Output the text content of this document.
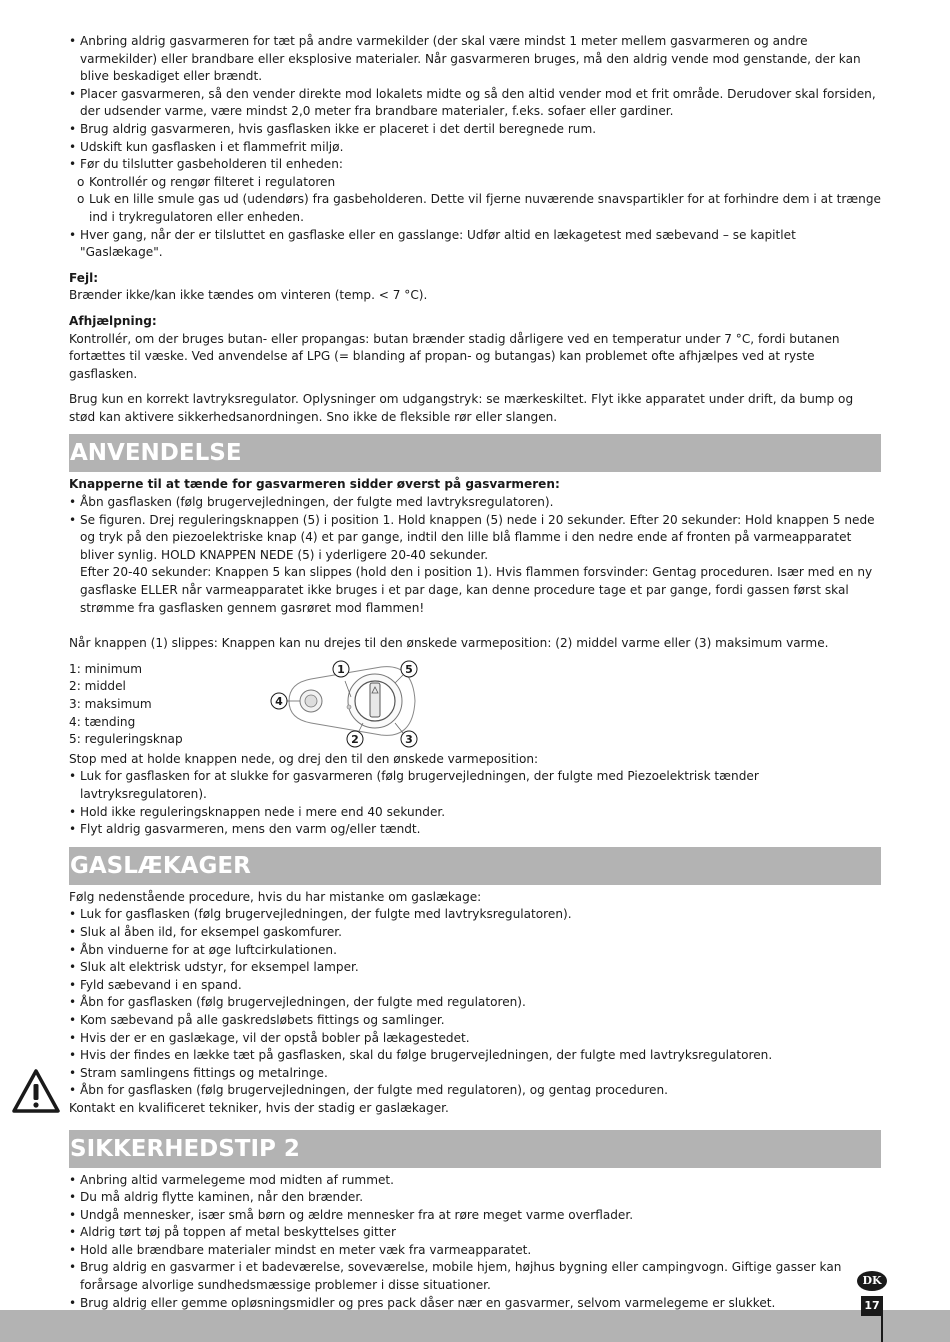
• Anbring aldrig gasvarmeren for tæt på andre varmekilder (der skal være mindst 1 meter mellem gasvarmeren og andre varmekilder) eller brandbare eller eksplosive materialer. Når gasvarmeren bruges, må den aldrig vende mod genstande, der kan blive beskadiget eller brændt.
• Placer gasvarmeren, så den vender direkte mod lokalets midte og så den altid vender mod et frit område. Derudover skal forsiden, der udsender varme, være mindst 2,0 meter fra brandbare materialer, f.eks. sofaer eller gardiner.
• Brug aldrig gasvarmeren, hvis gasflasken ikke er placeret i det dertil beregnede rum.
• Udskift kun gasflasken i et flammefrit miljø.
• Før du tilslutter gasbeholderen til enheden:
o Kontrollér og rengør filteret i regulatoren
o Luk en lille smule gas ud (udendørs) fra gasbeholderen. Dette vil fjerne nuværende snavspartikler for at forhindre dem i at trænge ind i trykregulatoren eller enheden.
• Hver gang, når der er tilsluttet en gasflaske eller en gasslange: Udfør altid en lækagetest med sæbevand – se kapitlet "Gaslækage".

Fejl:

Brænder ikke/kan ikke tændes om vinteren (temp. < 7 °C).

Afhjælpning:

Kontrollér, om der bruges butan- eller propangas: butan brænder stadig dårligere ved en temperatur under 7 °C, fordi butanen fortættes til væske. Ved anvendelse af LPG (= blanding af propan- og butangas) kan problemet ofte afhjælpes ved at ryste gasflasken.

Brug kun en korrekt lavtryksregulator. Oplysninger om udgangstryk: se mærkeskiltet. Flyt ikke apparatet under drift, da bump og stød kan aktivere sikkerhedsanordningen. Sno ikke de fleksible rør eller slangen.

ANVENDELSE

Knapperne til at tænde for gasvarmeren sidder øverst på gasvarmeren:

• Åbn gasflasken (følg brugervejledningen, der fulgte med lavtryksregulatoren).
• Se figuren. Drej reguleringsknappen (5) i position 1. Hold knappen (5) nede i 20 sekunder. Efter 20 sekunder: Hold knappen 5 nede og tryk på den piezoelektriske knap (4) et par gange, indtil den lille blå flamme i den nedre ende af fronten på varmeapparatet bliver synlig. HOLD KNAPPEN NEDE (5) i yderligere 20-40 sekunder.

Efter 20-40 sekunder: Knappen 5 kan slippes (hold den i position 1). Hvis flammen forsvinder: Gentag proceduren. Især med en ny gasflaske ELLER når varmeapparatet ikke bruges i et par dage, kan denne procedure tage et par gange, fordi gassen først skal strømme fra gasflasken gennem gasrøret mod flammen!

Når knappen (1) slippes: Knappen kan nu drejes til den ønskede varmeposition: (2) middel varme eller (3) maksimum varme.

1: minimum

2: middel

3: maksimum

4: tænding

5: reguleringsknap

1	5
4
2	3

Stop med at holde knappen nede, og drej den til den ønskede varmeposition:

• Luk for gasflasken for at slukke for gasvarmeren (følg brugervejledningen, der fulgte med Piezoelektrisk tænder lavtryksregulatoren).
• Hold ikke reguleringsknappen nede i mere end 40 sekunder.
• Flyt aldrig gasvarmeren, mens den varm og/eller tændt.
GASLÆKAGER

Følg nedenstående procedure, hvis du har mistanke om gaslækage:

• Luk for gasflasken (følg brugervejledningen, der fulgte med lavtryksregulatoren).
• Sluk al åben ild, for eksempel gaskomfurer.
• Åbn vinduerne for at øge luftcirkulationen.
• Sluk alt elektrisk udstyr, for eksempel lamper.
• Fyld sæbevand i en spand.
• Åbn for gasflasken (følg brugervejledningen, der fulgte med regulatoren).
• Kom sæbevand på alle gaskredsløbets fittings og samlinger.
• Hvis der er en gaslækage, vil der opstå bobler på lækagestedet.
• Hvis der findes en lække tæt på gasflasken, skal du følge brugervejledningen, der fulgte med lavtryksregulatoren.
• Stram samlingens fittings og metalringe.
• Åbn for gasflasken (følg brugervejledningen, der fulgte med regulatoren), og gentag proceduren.

Kontakt en kvalificeret tekniker, hvis der stadig er gaslækager.

SIKKERHEDSTIP 2
• Anbring altid varmelegeme mod midten af rummet.
• Du må aldrig flytte kaminen, når den brænder.
• Undgå mennesker, især små børn og ældre mennesker fra at røre meget varme overflader.
• Aldrig tørt tøj på toppen af metal beskyttelses gitter
• Hold alle brændbare materialer mindst en meter væk fra varmeapparatet.
• Brug aldrig en gasvarmer i et badeværelse, soveværelse, mobile hjem, højhus bygning eller campingvogn. Giftige gasser kan forårsage alvorlige sundhedsmæssige problemer i disse situationer.
• Brug aldrig eller gemme opløsningsmidler og pres pack dåser nær en gasvarmer, selvom varmelegeme er slukket.
DK
17
